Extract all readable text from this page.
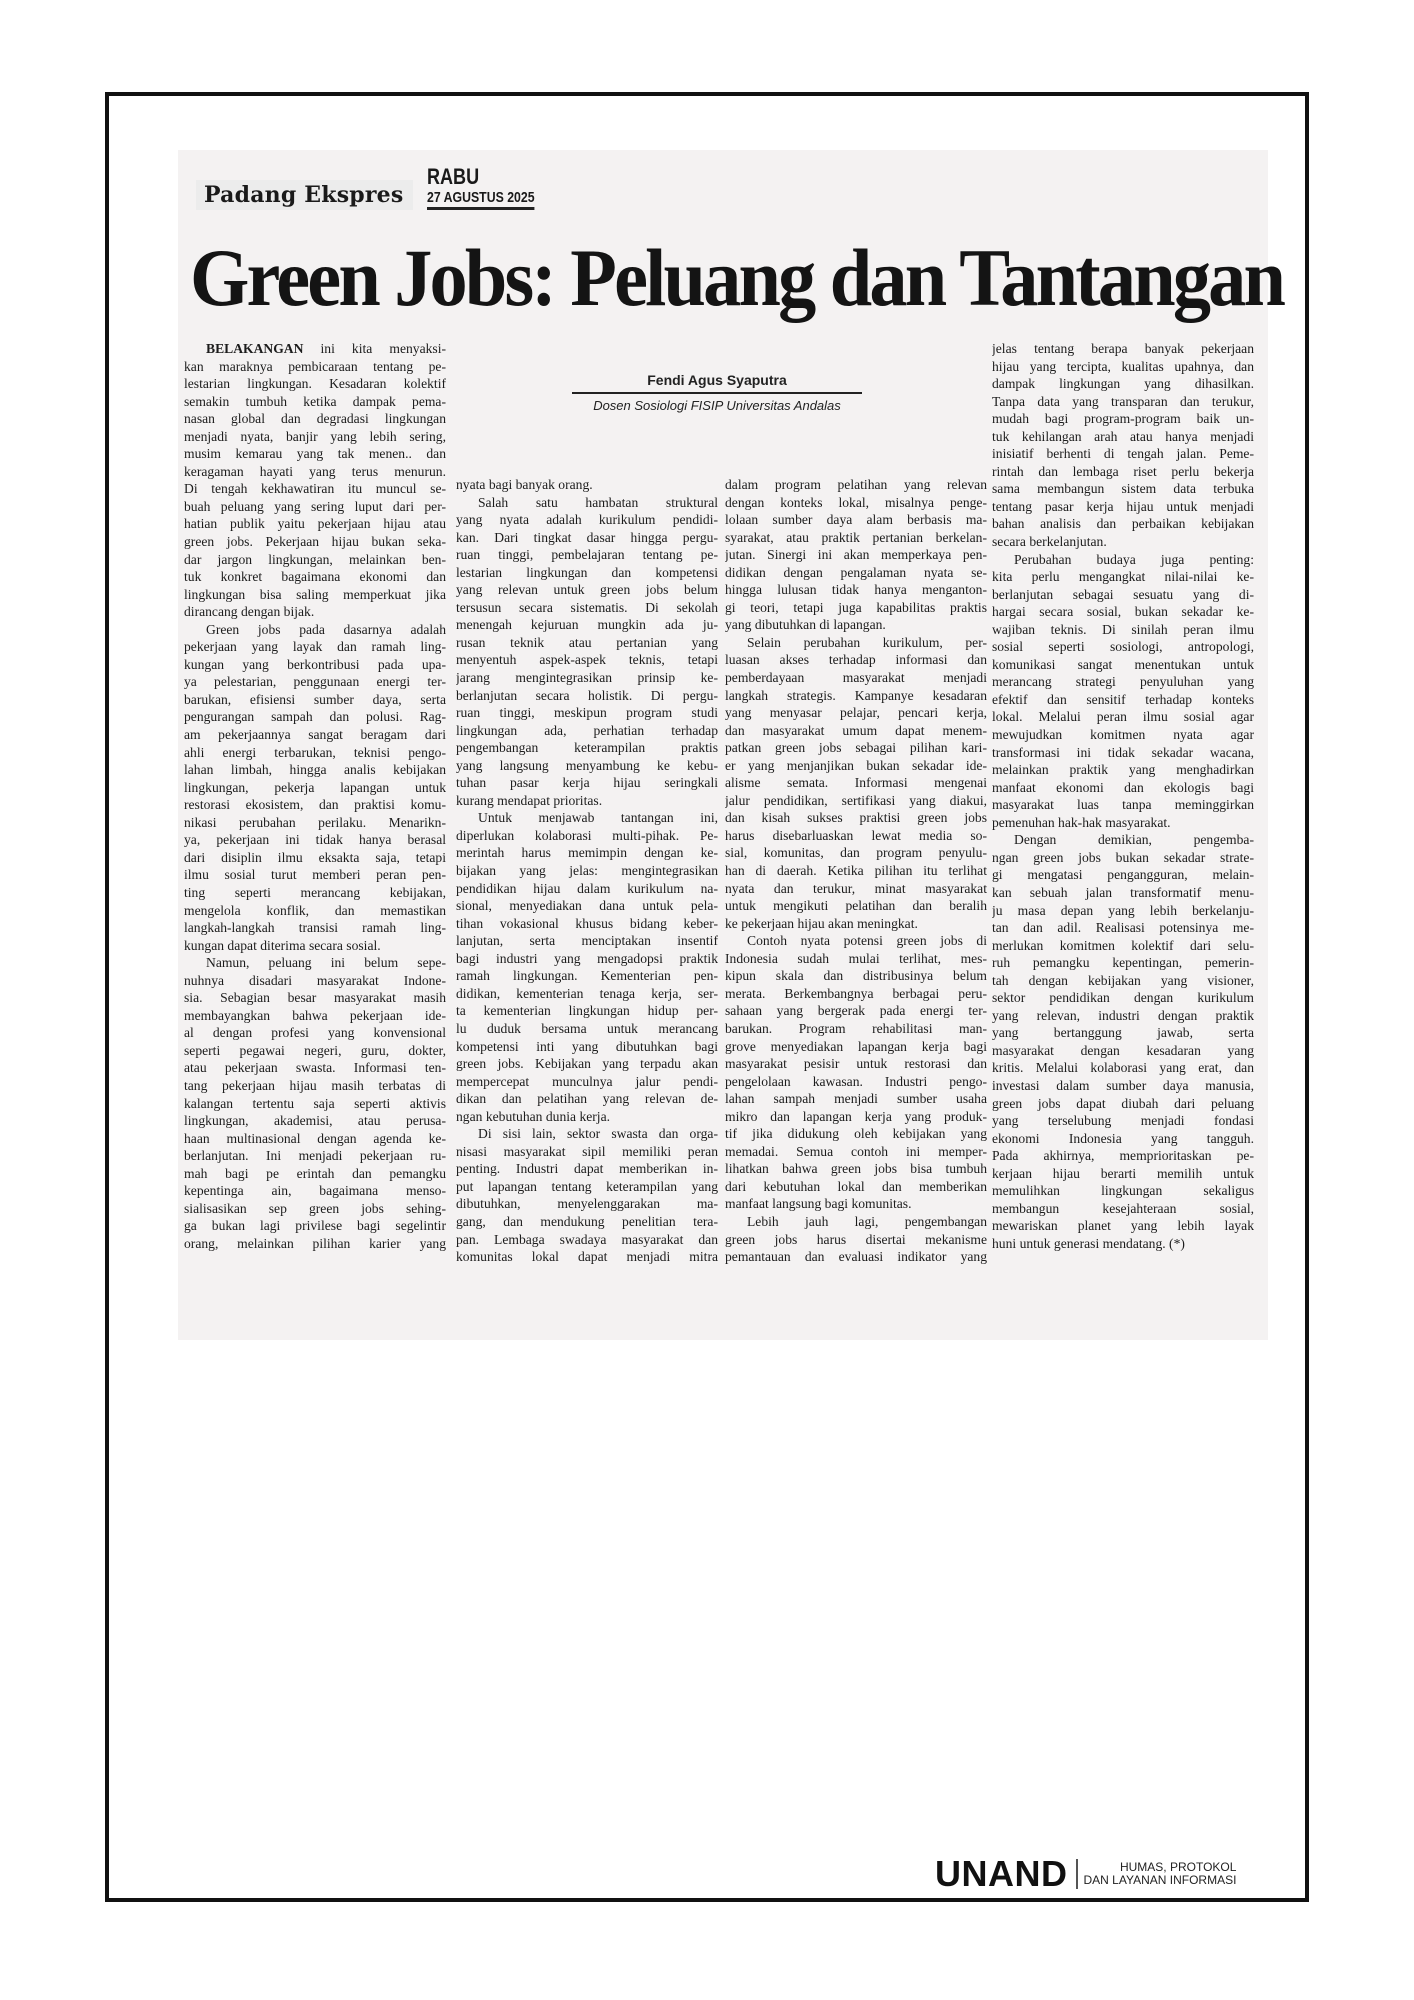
Padang Ekspres
RABU
27 AGUSTUS 2025
Green Jobs: Peluang dan Tantangan
Fendi Agus Syaputra
Dosen Sosiologi FISIP Universitas Andalas
BELAKANGAN ini kita menyaksi-
kan maraknya pembicaraan tentang pe-
lestarian lingkungan. Kesadaran kolektif
semakin tumbuh ketika dampak pema-
nasan global dan degradasi lingkungan
menjadi nyata, banjir yang lebih sering,
musim kemarau yang tak menen.. dan
keragaman hayati yang terus menurun.
Di tengah kekhawatiran itu muncul se-
buah peluang yang sering luput dari per-
hatian publik yaitu pekerjaan hijau atau
green jobs. Pekerjaan hijau bukan seka-
dar jargon lingkungan, melainkan ben-
tuk konkret bagaimana ekonomi dan
lingkungan bisa saling memperkuat jika
dirancang dengan bijak.
Green jobs pada dasarnya adalah
pekerjaan yang layak dan ramah ling-
kungan yang berkontribusi pada upa-
ya pelestarian, penggunaan energi ter-
barukan, efisiensi sumber daya, serta
pengurangan sampah dan polusi. Rag-
am pekerjaannya sangat beragam dari
ahli energi terbarukan, teknisi pengo-
lahan limbah, hingga analis kebijakan
lingkungan, pekerja lapangan untuk
restorasi ekosistem, dan praktisi komu-
nikasi perubahan perilaku. Menarikn-
ya, pekerjaan ini tidak hanya berasal
dari disiplin ilmu eksakta saja, tetapi
ilmu sosial turut memberi peran pen-
ting seperti merancang kebijakan,
mengelola konflik, dan memastikan
langkah-langkah transisi ramah ling-
kungan dapat diterima secara sosial.
Namun, peluang ini belum sepe-
nuhnya disadari masyarakat Indone-
sia. Sebagian besar masyarakat masih
membayangkan bahwa pekerjaan ide-
al dengan profesi yang konvensional
seperti pegawai negeri, guru, dokter,
atau pekerjaan swasta. Informasi ten-
tang pekerjaan hijau masih terbatas di
kalangan tertentu saja seperti aktivis
lingkungan, akademisi, atau perusa-
haan multinasional dengan agenda ke-
berlanjutan. Ini menjadi pekerjaan ru-
mah bagi pe erintah dan pemangku
kepentinga ain, bagaimana menso-
sialisasikan sep green jobs sehing-
ga bukan lagi privilese bagi segelintir
orang, melainkan pilihan karier yang
nyata bagi banyak orang.
Salah satu hambatan struktural
yang nyata adalah kurikulum pendidi-
kan. Dari tingkat dasar hingga pergu-
ruan tinggi, pembelajaran tentang pe-
lestarian lingkungan dan kompetensi
yang relevan untuk green jobs belum
tersusun secara sistematis. Di sekolah
menengah kejuruan mungkin ada ju-
rusan teknik atau pertanian yang
menyentuh aspek-aspek teknis, tetapi
jarang mengintegrasikan prinsip ke-
berlanjutan secara holistik. Di pergu-
ruan tinggi, meskipun program studi
lingkungan ada, perhatian terhadap
pengembangan keterampilan praktis
yang langsung menyambung ke kebu-
tuhan pasar kerja hijau seringkali
kurang mendapat prioritas.
Untuk menjawab tantangan ini,
diperlukan kolaborasi multi-pihak. Pe-
merintah harus memimpin dengan ke-
bijakan yang jelas: mengintegrasikan
pendidikan hijau dalam kurikulum na-
sional, menyediakan dana untuk pela-
tihan vokasional khusus bidang keber-
lanjutan, serta menciptakan insentif
bagi industri yang mengadopsi praktik
ramah lingkungan. Kementerian pen-
didikan, kementerian tenaga kerja, ser-
ta kementerian lingkungan hidup per-
lu duduk bersama untuk merancang
kompetensi inti yang dibutuhkan bagi
green jobs. Kebijakan yang terpadu akan
mempercepat munculnya jalur pendi-
dikan dan pelatihan yang relevan de-
ngan kebutuhan dunia kerja.
Di sisi lain, sektor swasta dan orga-
nisasi masyarakat sipil memiliki peran
penting. Industri dapat memberikan in-
put lapangan tentang keterampilan yang
dibutuhkan, menyelenggarakan ma-
gang, dan mendukung penelitian tera-
pan. Lembaga swadaya masyarakat dan
komunitas lokal dapat menjadi mitra
dalam program pelatihan yang relevan
dengan konteks lokal, misalnya penge-
lolaan sumber daya alam berbasis ma-
syarakat, atau praktik pertanian berkelan-
jutan. Sinergi ini akan memperkaya pen-
didikan dengan pengalaman nyata se-
hingga lulusan tidak hanya menganton-
gi teori, tetapi juga kapabilitas praktis
yang dibutuhkan di lapangan.
Selain perubahan kurikulum, per-
luasan akses terhadap informasi dan
pemberdayaan masyarakat menjadi
langkah strategis. Kampanye kesadaran
yang menyasar pelajar, pencari kerja,
dan masyarakat umum dapat menem-
patkan green jobs sebagai pilihan kari-
er yang menjanjikan bukan sekadar ide-
alisme semata. Informasi mengenai
jalur pendidikan, sertifikasi yang diakui,
dan kisah sukses praktisi green jobs
harus disebarluaskan lewat media so-
sial, komunitas, dan program penyulu-
han di daerah. Ketika pilihan itu terlihat
nyata dan terukur, minat masyarakat
untuk mengikuti pelatihan dan beralih
ke pekerjaan hijau akan meningkat.
Contoh nyata potensi green jobs di
Indonesia sudah mulai terlihat, mes-
kipun skala dan distribusinya belum
merata. Berkembangnya berbagai peru-
sahaan yang bergerak pada energi ter-
barukan. Program rehabilitasi man-
grove menyediakan lapangan kerja bagi
masyarakat pesisir untuk restorasi dan
pengelolaan kawasan. Industri pengo-
lahan sampah menjadi sumber usaha
mikro dan lapangan kerja yang produk-
tif jika didukung oleh kebijakan yang
memadai. Semua contoh ini memper-
lihatkan bahwa green jobs bisa tumbuh
dari kebutuhan lokal dan memberikan
manfaat langsung bagi komunitas.
Lebih jauh lagi, pengembangan
green jobs harus disertai mekanisme
pemantauan dan evaluasi indikator yang
jelas tentang berapa banyak pekerjaan
hijau yang tercipta, kualitas upahnya, dan
dampak lingkungan yang dihasilkan.
Tanpa data yang transparan dan terukur,
mudah bagi program-program baik un-
tuk kehilangan arah atau hanya menjadi
inisiatif berhenti di tengah jalan. Peme-
rintah dan lembaga riset perlu bekerja
sama membangun sistem data terbuka
tentang pasar kerja hijau untuk menjadi
bahan analisis dan perbaikan kebijakan
secara berkelanjutan.
Perubahan budaya juga penting:
kita perlu mengangkat nilai-nilai ke-
berlanjutan sebagai sesuatu yang di-
hargai secara sosial, bukan sekadar ke-
wajiban teknis. Di sinilah peran ilmu
sosial seperti sosiologi, antropologi,
komunikasi sangat menentukan untuk
merancang strategi penyuluhan yang
efektif dan sensitif terhadap konteks
lokal. Melalui peran ilmu sosial agar
mewujudkan komitmen nyata agar
transformasi ini tidak sekadar wacana,
melainkan praktik yang menghadirkan
manfaat ekonomi dan ekologis bagi
masyarakat luas tanpa meminggirkan
pemenuhan hak-hak masyarakat.
Dengan demikian, pengemba-
ngan green jobs bukan sekadar strate-
gi mengatasi pengangguran, melain-
kan sebuah jalan transformatif menu-
ju masa depan yang lebih berkelanju-
tan dan adil. Realisasi potensinya me-
merlukan komitmen kolektif dari selu-
ruh pemangku kepentingan, pemerin-
tah dengan kebijakan yang visioner,
sektor pendidikan dengan kurikulum
yang relevan, industri dengan praktik
yang bertanggung jawab, serta
masyarakat dengan kesadaran yang
kritis. Melalui kolaborasi yang erat, dan
investasi dalam sumber daya manusia,
green jobs dapat diubah dari peluang
yang terselubung menjadi fondasi
ekonomi Indonesia yang tangguh.
Pada akhirnya, memprioritaskan pe-
kerjaan hijau berarti memilih untuk
memulihkan lingkungan sekaligus
membangun kesejahteraan sosial,
mewariskan planet yang lebih layak
huni untuk generasi mendatang. (*)
UNAND	HUMAS, PROTOKOL
DAN LAYANAN INFORMASI
